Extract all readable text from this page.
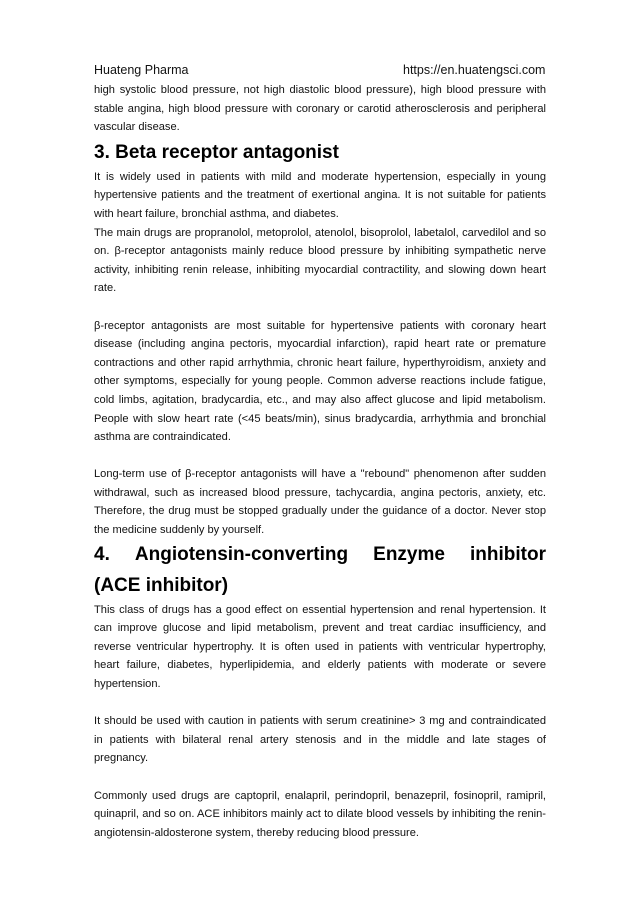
Huateng Pharma	https://en.huatengsci.com

high systolic blood pressure, not high diastolic blood pressure), high blood pressure with stable angina, high blood pressure with coronary or carotid atherosclerosis and peripheral vascular disease.

3. Beta receptor antagonist

It is widely used in patients with mild and moderate hypertension, especially in young hypertensive patients and the treatment of exertional angina. It is not suitable for patients with heart failure, bronchial asthma, and diabetes.

The main drugs are propranolol, metoprolol, atenolol, bisoprolol, labetalol, carvedilol and so on. β-receptor antagonists mainly reduce blood pressure by inhibiting sympathetic nerve activity, inhibiting renin release, inhibiting myocardial contractility, and slowing down heart rate.

β-receptor antagonists are most suitable for hypertensive patients with coronary heart disease (including angina pectoris, myocardial infarction), rapid heart rate or premature contractions and other rapid arrhythmia, chronic heart failure, hyperthyroidism, anxiety and other symptoms, especially for young people. Common adverse reactions include fatigue, cold limbs, agitation, bradycardia, etc., and may also affect glucose and lipid metabolism. People with slow heart rate (<45 beats/min), sinus bradycardia, arrhythmia and bronchial asthma are contraindicated.

Long-term use of β-receptor antagonists will have a "rebound" phenomenon after sudden withdrawal, such as increased blood pressure, tachycardia, angina pectoris, anxiety, etc. Therefore, the drug must be stopped gradually under the guidance of a doctor. Never stop the medicine suddenly by yourself.

4. Angiotensin-converting Enzyme inhibitor
(ACE inhibitor)

This class of drugs has a good effect on essential hypertension and renal hypertension. It can improve glucose and lipid metabolism, prevent and treat cardiac insufficiency, and reverse ventricular hypertrophy. It is often used in patients with ventricular hypertrophy, heart failure, diabetes, hyperlipidemia, and elderly patients with moderate or severe hypertension.

It should be used with caution in patients with serum creatinine> 3 mg and contraindicated in patients with bilateral renal artery stenosis and in the middle and late stages of pregnancy.

Commonly used drugs are captopril, enalapril, perindopril, benazepril, fosinopril, ramipril, quinapril, and so on. ACE inhibitors mainly act to dilate blood vessels by inhibiting the renin-angiotensin-aldosterone system, thereby reducing blood pressure.
